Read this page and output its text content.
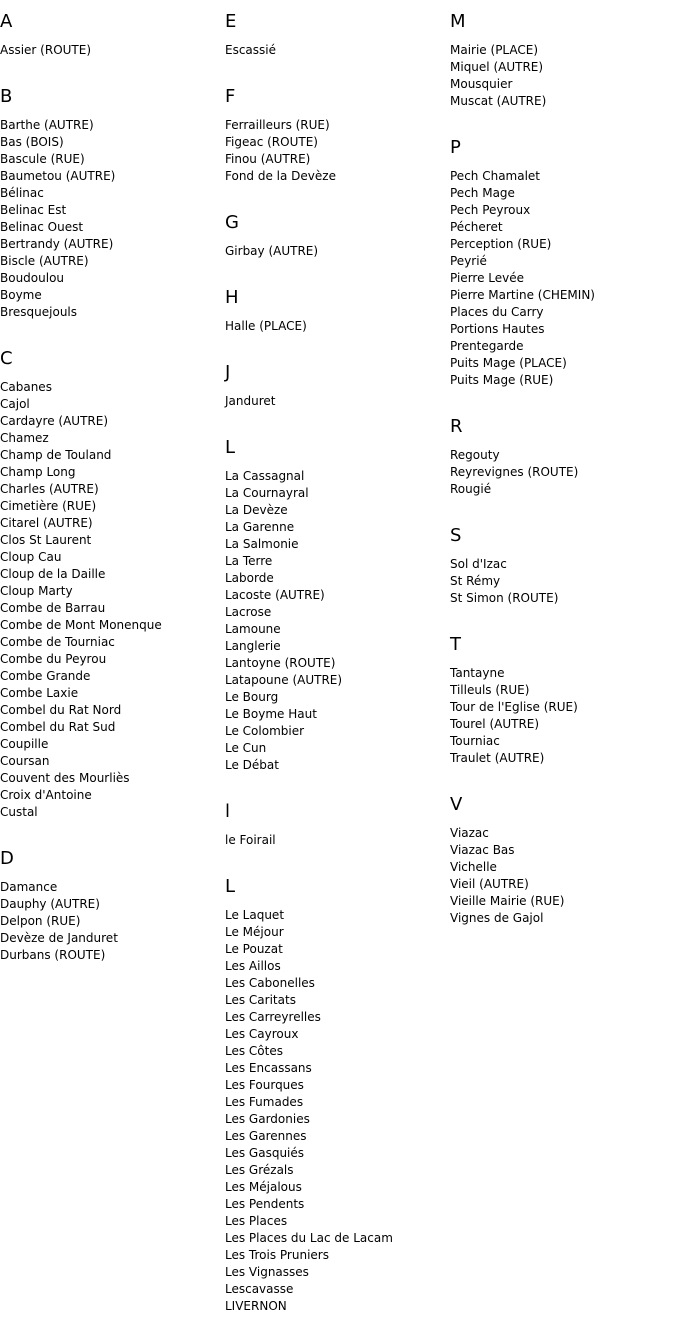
A
Assier (ROUTE)
B
Barthe (AUTRE)
Bas (BOIS)
Bascule (RUE)
Baumetou (AUTRE)
Bélinac
Belinac Est
Belinac Ouest
Bertrandy (AUTRE)
Biscle (AUTRE)
Boudoulou
Boyme
Bresquejouls
C
Cabanes
Cajol
Cardayre (AUTRE)
Chamez
Champ de Touland
Champ Long
Charles (AUTRE)
Cimetière (RUE)
Citarel (AUTRE)
Clos St Laurent
Cloup Cau
Cloup de la Daille
Cloup Marty
Combe de Barrau
Combe de Mont Monenque
Combe de Tourniac
Combe du Peyrou
Combe Grande
Combe Laxie
Combel du Rat Nord
Combel du Rat Sud
Coupille
Coursan
Couvent des Mourliès
Croix d'Antoine
Custal
D
Damance
Dauphy (AUTRE)
Delpon (RUE)
Devèze de Janduret
Durbans (ROUTE)
E
Escassié
F
Ferrailleurs (RUE)
Figeac (ROUTE)
Finou (AUTRE)
Fond de la Devèze
G
Girbay (AUTRE)
H
Halle (PLACE)
J
Janduret
L
La Cassagnal
La Cournayral
La Devèze
La Garenne
La Salmonie
La Terre
Laborde
Lacoste (AUTRE)
Lacrose
Lamoune
Langlerie
Lantoyne (ROUTE)
Latapoune (AUTRE)
Le Bourg
Le Boyme Haut
Le Colombier
Le Cun
Le Débat
l
le Foirail
L
Le Laquet
Le Méjour
Le Pouzat
Les Aillos
Les Cabonelles
Les Caritats
Les Carreyrelles
Les Cayroux
Les Côtes
Les Encassans
Les Fourques
Les Fumades
Les Gardonies
Les Garennes
Les Gasquiés
Les Grézals
Les Méjalous
Les Pendents
Les Places
Les Places du Lac de Lacam
Les Trois Pruniers
Les Vignasses
Lescavasse
LIVERNON
M
Mairie (PLACE)
Miquel (AUTRE)
Mousquier
Muscat (AUTRE)
P
Pech Chamalet
Pech Mage
Pech Peyroux
Pécheret
Perception (RUE)
Peyrié
Pierre Levée
Pierre Martine (CHEMIN)
Places du Carry
Portions Hautes
Prentegarde
Puits Mage (PLACE)
Puits Mage (RUE)
R
Regouty
Reyrevignes (ROUTE)
Rougié
S
Sol d'Izac
St Rémy
St Simon (ROUTE)
T
Tantayne
Tilleuls (RUE)
Tour de l'Eglise (RUE)
Tourel (AUTRE)
Tourniac
Traulet (AUTRE)
V
Viazac
Viazac Bas
Vichelle
Vieil (AUTRE)
Vieille Mairie (RUE)
Vignes de Gajol
